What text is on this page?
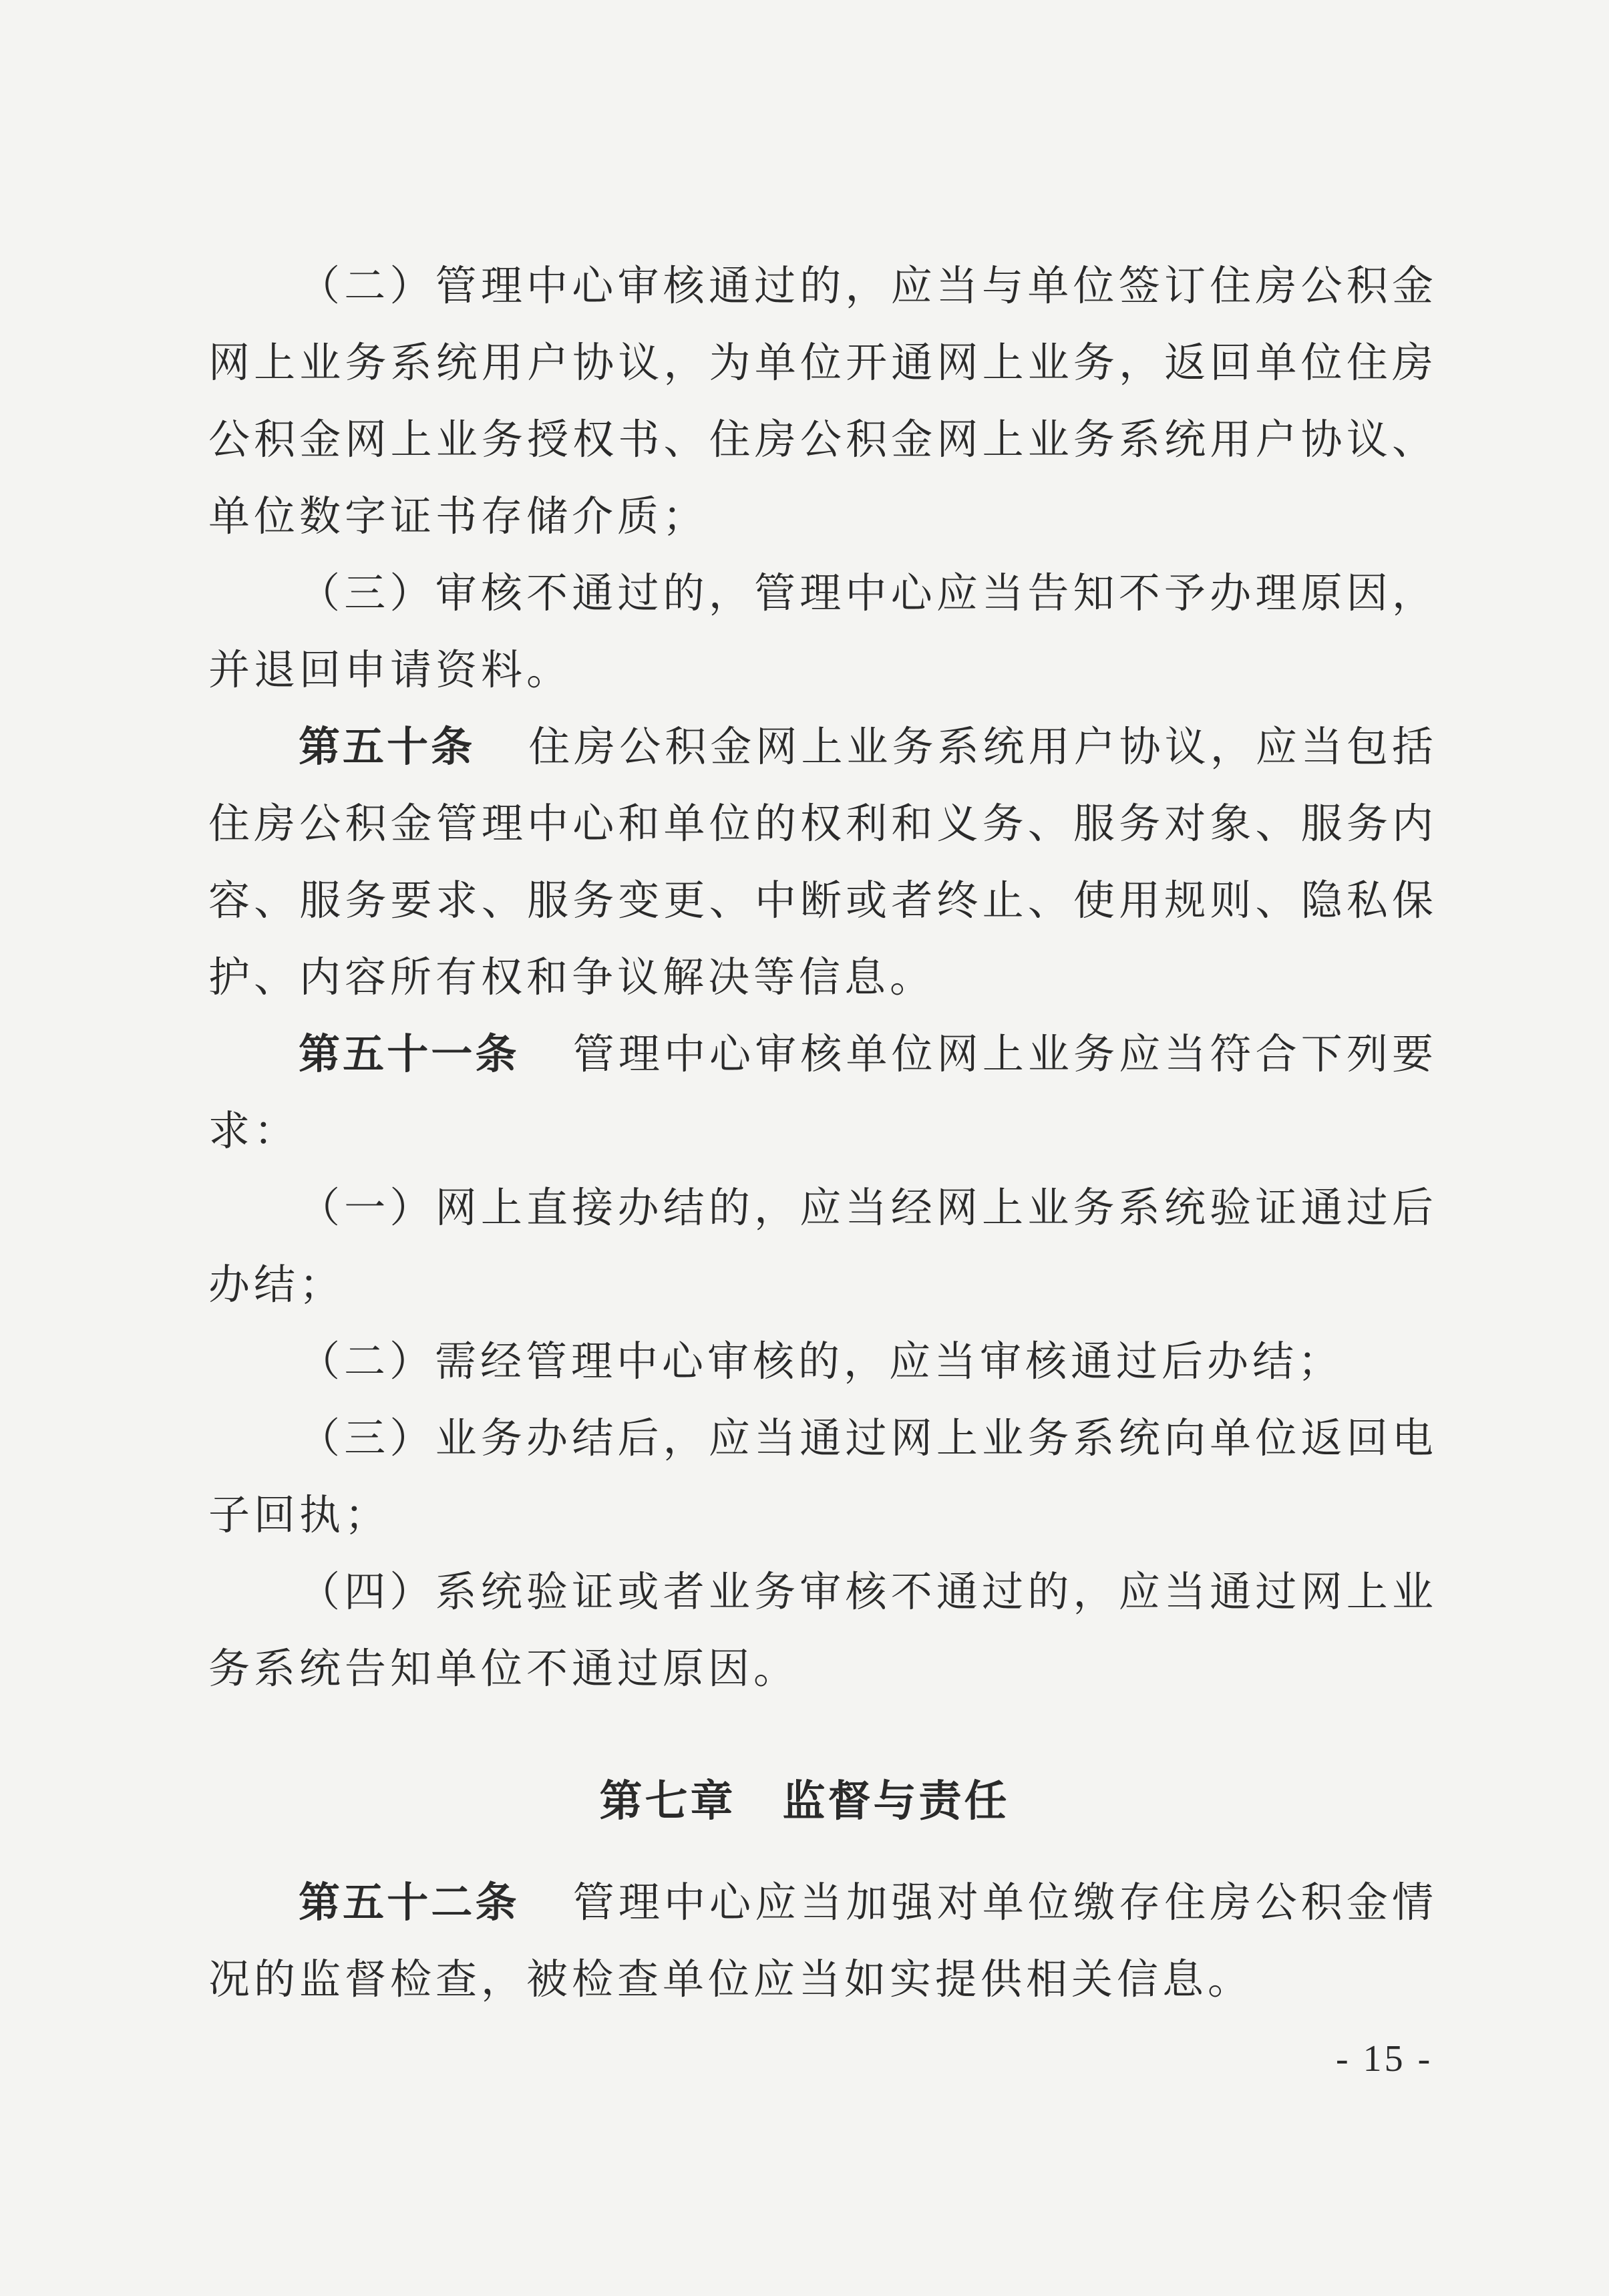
（二）管理中心审核通过的，应当与单位签订住房公积金网上业务系统用户协议，为单位开通网上业务，返回单位住房公积金网上业务授权书、住房公积金网上业务系统用户协议、单位数字证书存储介质；

（三）审核不通过的，管理中心应当告知不予办理原因，并退回申请资料。

第五十条 住房公积金网上业务系统用户协议，应当包括住房公积金管理中心和单位的权利和义务、服务对象、服务内容、服务要求、服务变更、中断或者终止、使用规则、隐私保护、内容所有权和争议解决等信息。

第五十一条 管理中心审核单位网上业务应当符合下列要求：

（一）网上直接办结的，应当经网上业务系统验证通过后办结；

（二）需经管理中心审核的，应当审核通过后办结；

（三）业务办结后，应当通过网上业务系统向单位返回电子回执；

（四）系统验证或者业务审核不通过的，应当通过网上业务系统告知单位不通过原因。

第七章 监督与责任

第五十二条 管理中心应当加强对单位缴存住房公积金情况的监督检查，被检查单位应当如实提供相关信息。

- 15 -
